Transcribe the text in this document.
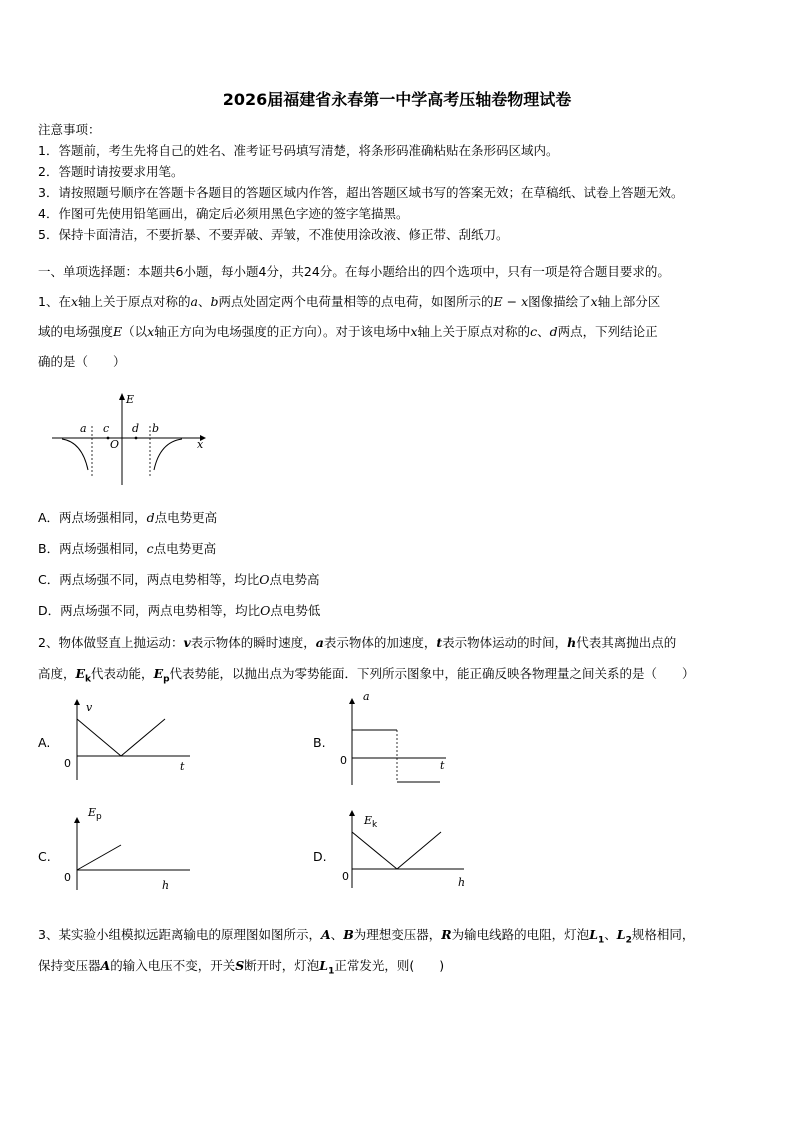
2026届福建省永春第一中学高考压轴卷物理试卷
注意事项：
1．答题前，考生先将自己的姓名、准考证号码填写清楚，将条形码准确粘贴在条形码区域内。
2．答题时请按要求用笔。
3．请按照题号顺序在答题卡各题目的答题区域内作答，超出答题区域书写的答案无效；在草稿纸、试卷上答题无效。
4．作图可先使用铅笔画出，确定后必须用黑色字迹的签字笔描黑。
5．保持卡面清洁，不要折暴、不要弄破、弄皱，不准使用涂改液、修正带、刮纸刀。
一、单项选择题：本题共6小题，每小题4分，共24分。在每小题给出的四个选项中，只有一项是符合题目要求的。
1、在x轴上关于原点对称的a、b两点处固定两个电荷量相等的点电荷，如图所示的E − x图像描绘了x轴上部分区
域的电场强度E（以x轴正方向为电场强度的正方向）。对于该电场中x轴上关于原点对称的c、d两点，下列结论正
确的是（　　）
E
x
O
a c d b
A．两点场强相同，d点电势更高
B．两点场强相同，c点电势更高
C．两点场强不同，两点电势相等，均比O点电势高
D．两点场强不同，两点电势相等，均比O点电势低
2、物体做竖直上抛运动：v表示物体的瞬时速度，a表示物体的加速度，t表示物体运动的时间，h代表其离抛出点的
高度，$E_k$代表动能，$E_p$代表势能，以抛出点为零势能面．下列所示图象中，能正确反映各物理量之间关系的是（　　）
A.
v
t
0
B.
a
t
0
C.
E p
h
0
D.
E k
h
0
3、某实验小组模拟远距离输电的原理图如图所示，A、B为理想变压器，R为输电线路的电阻，灯泡$L_1$、$L_2$规格相同，
保持变压器A的输入电压不变，开关S断开时，灯泡$L_1$正常发光，则(　　)
